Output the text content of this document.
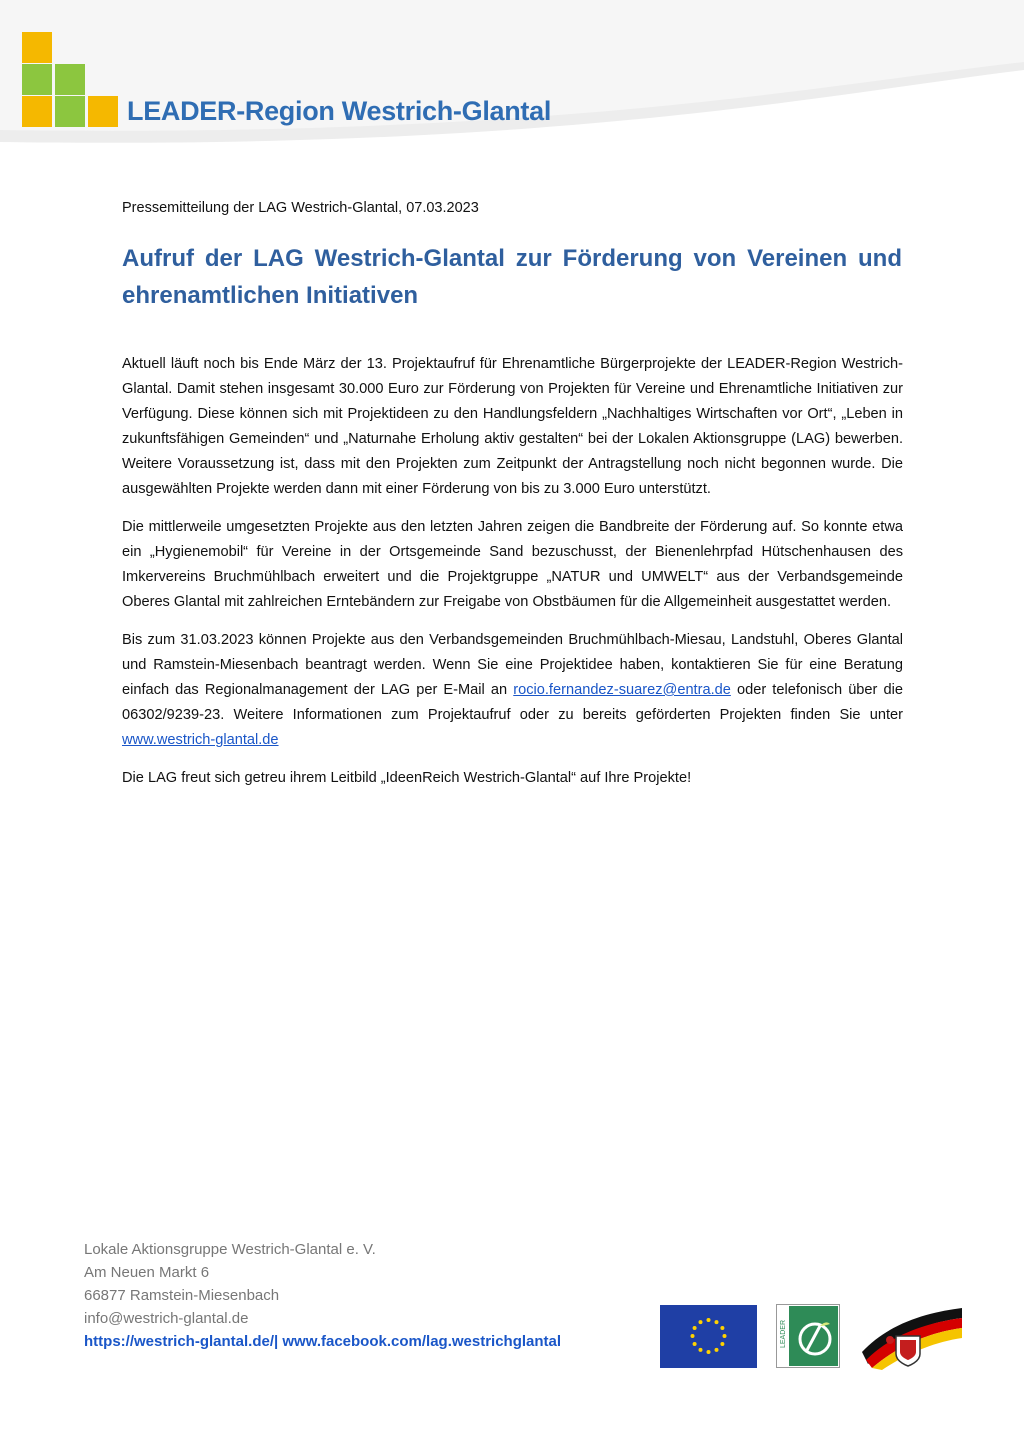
LEADER-Region Westrich-Glantal
Pressemitteilung der LAG Westrich-Glantal, 07.03.2023
Aufruf der LAG Westrich-Glantal zur Förderung von Vereinen und ehrenamtlichen Initiativen

Aktuell läuft noch bis Ende März der 13. Projektaufruf für Ehrenamtliche Bürgerprojekte der LEADER-Region Westrich-Glantal. Damit stehen insgesamt 30.000 Euro zur Förderung von Projekten für Vereine und Ehrenamtliche Initiativen zur Verfügung. Diese können sich mit Projektideen zu den Handlungsfeldern „Nachhaltiges Wirtschaften vor Ort“, „Leben in zukunftsfähigen Gemeinden“ und „Naturnahe Erholung aktiv gestalten“ bei der Lokalen Aktionsgruppe (LAG) bewerben. Weitere Voraussetzung ist, dass mit den Projekten zum Zeitpunkt der Antragstellung noch nicht begonnen wurde. Die ausgewählten Projekte werden dann mit einer Förderung von bis zu 3.000 Euro unterstützt.

Die mittlerweile umgesetzten Projekte aus den letzten Jahren zeigen die Bandbreite der Förderung auf. So konnte etwa ein „Hygienemobil“ für Vereine in der Ortsgemeinde Sand bezuschusst, der Bienenlehrpfad Hütschenhausen des Imkervereins Bruchmühlbach erweitert und die Projektgruppe „NATUR und UMWELT“ aus der Verbandsgemeinde Oberes Glantal mit zahlreichen Erntebändern zur Freigabe von Obstbäumen für die Allgemeinheit ausgestattet werden.

Bis zum 31.03.2023 können Projekte aus den Verbandsgemeinden Bruchmühlbach-Miesau, Landstuhl, Oberes Glantal und Ramstein-Miesenbach beantragt werden. Wenn Sie eine Projektidee haben, kontaktieren Sie für eine Beratung einfach das Regionalmanagement der LAG per E-Mail an rocio.fernandez-suarez@entra.de oder telefonisch über die 06302/9239-23. Weitere Informationen zum Projektaufruf oder zu bereits geförderten Projekten finden Sie unter www.westrich-glantal.de

Die LAG freut sich getreu ihrem Leitbild „IdeenReich Westrich-Glantal“ auf Ihre Projekte!

Lokale Aktionsgruppe Westrich-Glantal e. V.
Am Neuen Markt 6
66877 Ramstein-Miesenbach
info@westrich-glantal.de
https://westrich-glantal.de/| www.facebook.com/lag.westrichglantal	LEADER
